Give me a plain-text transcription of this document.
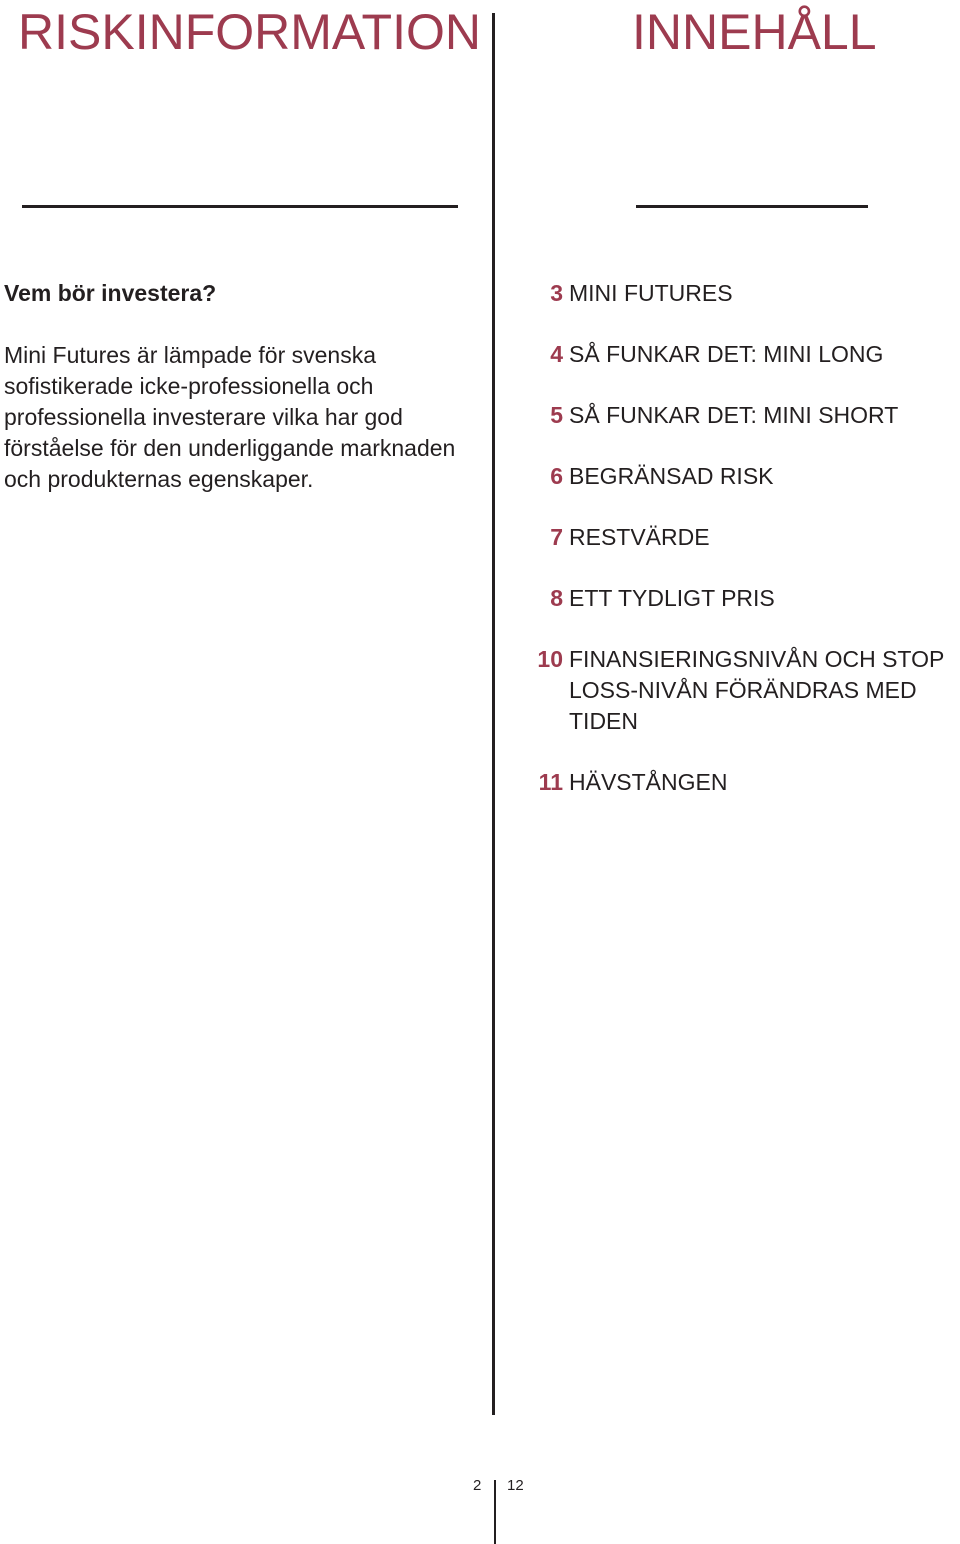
RISKINFORMATION	INNEHÅLL
Vem bör investera?

Mini Futures är lämpade för svenska sofistikerade icke-professionella och professionella investerare vilka har god förståelse för den underliggande marknaden och produkternas egenskaper.

3 MINI FUTURES
4 SÅ FUNKAR DET: MINI LONG
5 SÅ FUNKAR DET: MINI SHORT
6 BEGRÄNSAD RISK
7 RESTVÄRDE
8 ETT TYDLIGT PRIS
10 FINANSIERINGSNIVÅN OCH STOP LOSS-NIVÅN FÖRÄNDRAS MED TIDEN
11 HÄVSTÅNGEN
2 12
